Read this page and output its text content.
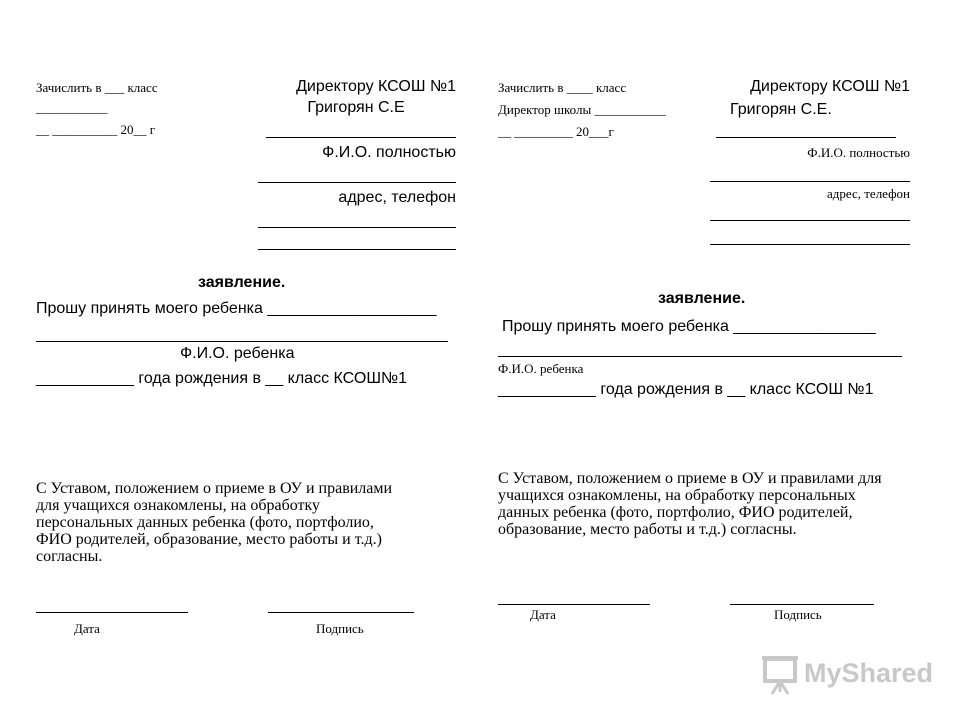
Зачислить в ___ класс
___________
__ __________ 20__ г
Директору КСОШ №1
Григорян С.Е
Ф.И.О. полностью
адрес, телефон
заявление.
Прошу принять моего ребенка ___________________
Ф.И.О. ребенка
___________ года рождения в __ класс КСОШ№1
С Уставом, положением о приеме в ОУ и правилами для учащихся ознакомлены, на обработку персональных данных ребенка (фото, портфолио, ФИО родителей, образование, место работы и т.д.) согласны.
Дата	Подпись
Зачислить в ____ класс
Директор школы ___________
__ _________ 20___г
Директору КСОШ №1
Григорян С.Е.
Ф.И.О. полностью
адрес, телефон
заявление.
Прошу принять моего ребенка ________________
Ф.И.О. ребенка
___________ года рождения в __ класс КСОШ №1
С Уставом, положением о приеме в ОУ и правилами для учащихся ознакомлены, на обработку персональных данных ребенка (фото, портфолио, ФИО родителей, образование, место работы и т.д.) согласны.
Дата	Подпись
MyShared
